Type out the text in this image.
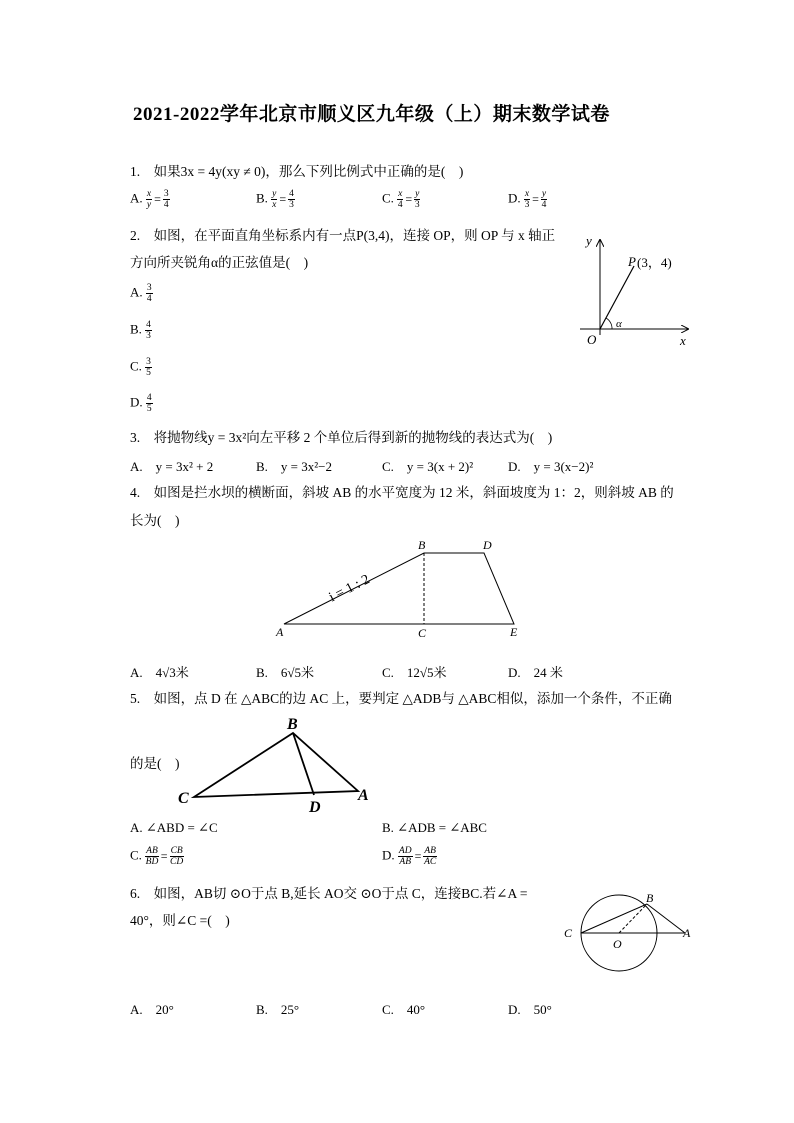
2021-2022学年北京市顺义区九年级（上）期末数学试卷
1.　如果3x = 4y(xy ≠ 0)，那么下列比例式中正确的是(　)
A. $\frac{x}{y} = \frac{3}{4}$	B. $\frac{y}{x} = \frac{4}{3}$	C. $\frac{x}{4} = \frac{y}{3}$	D. $\frac{x}{3} = \frac{y}{4}$
2.　如图，在平面直角坐标系内有一点P(3,4)，连接 OP，则 OP 与 x 轴正
方向所夹锐角α的正弦值是(　)
A. $\frac{3}{4}$
B. $\frac{4}{3}$
C. $\frac{3}{5}$
D. $\frac{4}{5}$
y
P (3，4)
α
O	x
3.　将抛物线y = 3x²向左平移 2 个单位后得到新的抛物线的表达式为(　)
A.　y = 3x² + 2	B.　y = 3x²−2	C.　y = 3(x + 2)²	D.　y = 3(x−2)²
4.　如图是拦水坝的横断面，斜坡 AB 的水平宽度为 12 米，斜面坡度为 1：2，则斜坡 AB 的
长为(　)
i = 1 : 2
A
B
C
D
E
A.　4√3米	B.　6√5米	C.　12√5米	D.　24 米
5.　如图，点 D 在 △ABC的边 AC 上，要判定 △ADB与 △ABC相似，添加一个条件，不正确
B
C
D
A
的是(　)
A. ∠ABD = ∠C	B. ∠ADB = ∠ABC
C. $\frac{AB}{BD} = \frac{CB}{CD}$	D. $\frac{AD}{AB} = \frac{AB}{AC}$
6.　如图，AB切 ⊙O于点 B,延长 AO交 ⊙O于点 C，连接BC.若∠A =
40°，则∠C =(　)
B
C
O
A
A.　20°	B.　25°	C.　40°	D.　50°
